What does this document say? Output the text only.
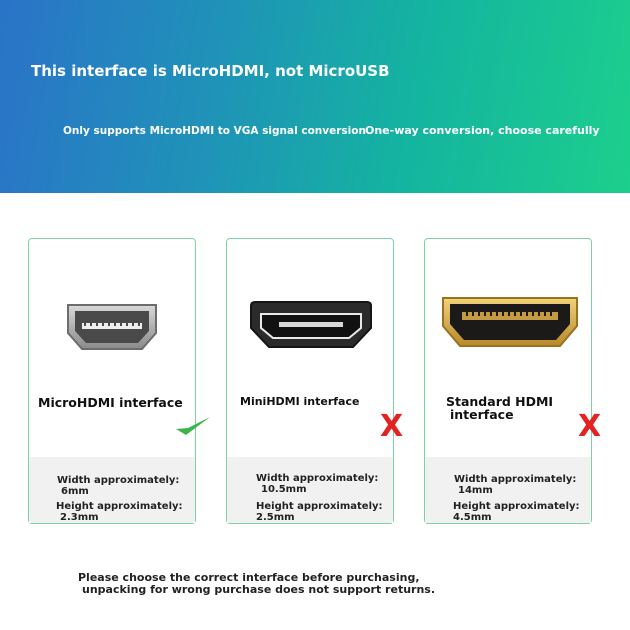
This interface is MicroHDMI, not MicroUSB
Only supports MicroHDMI to VGA signal conversion One-way conversion, choose carefully
MicroHDMI interface
Width approximately:
6mm
Height approximately:
2.3mm
MiniHDMI interface
X
Width approximately:
10.5mm
Height approximately:
2.5mm
Standard HDMI
interface	X
Width approximately:
14mm
Height approximately:
4.5mm
Please choose the correct interface before purchasing,
unpacking for wrong purchase does not support returns.
